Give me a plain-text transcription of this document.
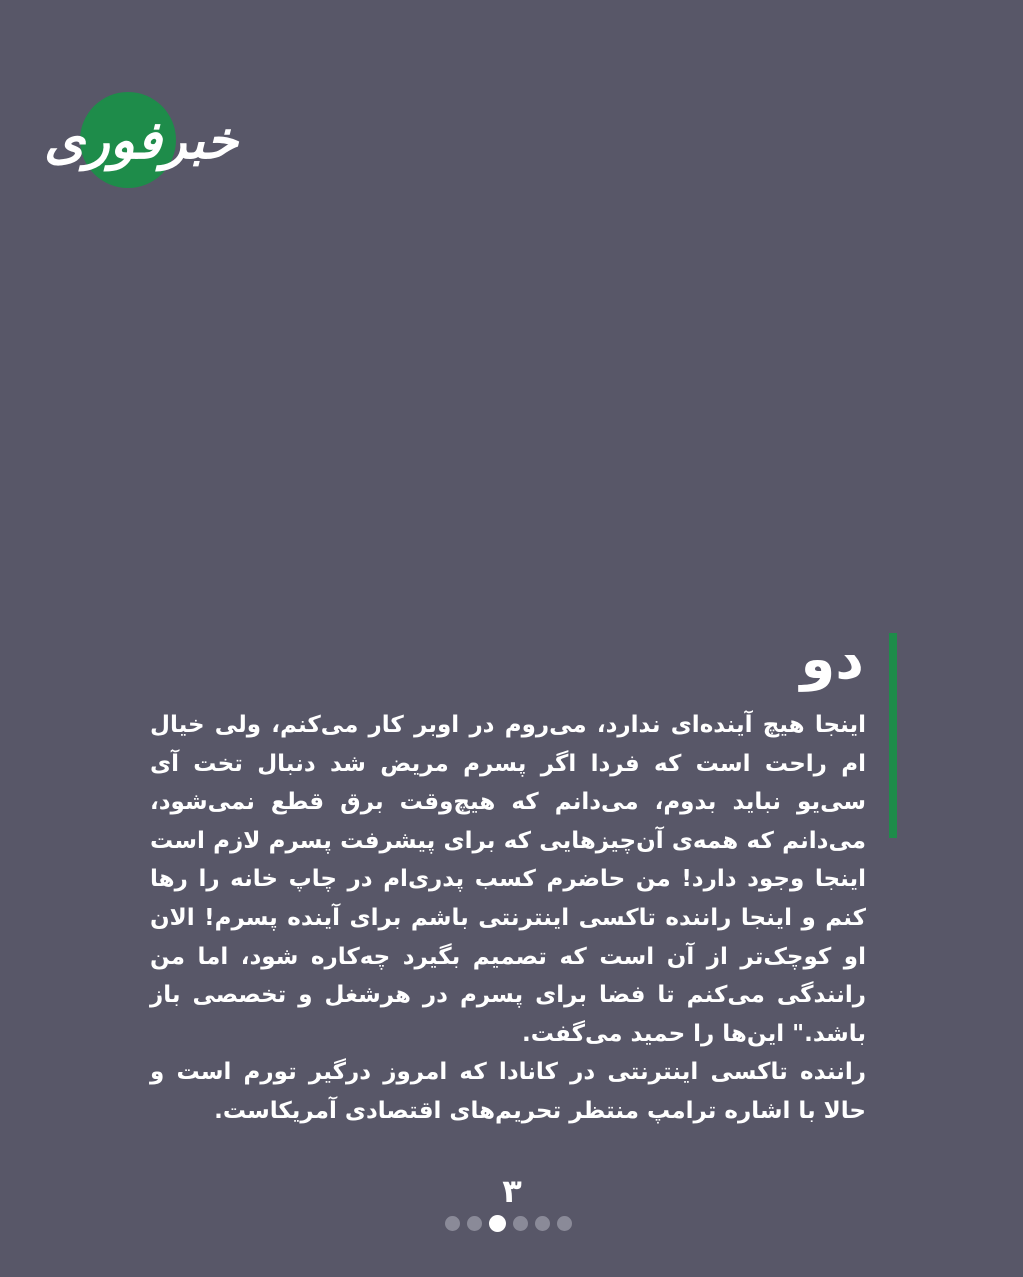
خبرفوری
دو

اینجا هیچ آینده‌ای ندارد، می‌روم در اوبر کار می‌کنم، ولی خیال ام راحت است که فردا اگر پسرم مریض شد دنبال تخت آی سی‌یو نباید بدوم، می‌دانم که هیچ‌وقت برق قطع نمی‌شود، می‌دانم که همه‌ی آن‌چیزهایی که برای پیشرفت پسرم لازم است اینجا وجود دارد! من حاضرم کسب پدری‌ام در چاپ خانه را رها کنم و اینجا راننده تاکسی اینترنتی باشم برای آینده پسرم! الان او کوچک‌تر از آن است که تصمیم بگیرد چه‌کاره شود، اما من رانندگی می‌کنم تا فضا برای پسرم در هرشغل و تخصصی باز باشد." این‌ها را حمید می‌گفت.

راننده تاکسی اینترنتی در کانادا که امروز درگیر تورم است و حالا با اشاره ترامپ منتظر تحریم‌های اقتصادی آمریکاست.

۳
